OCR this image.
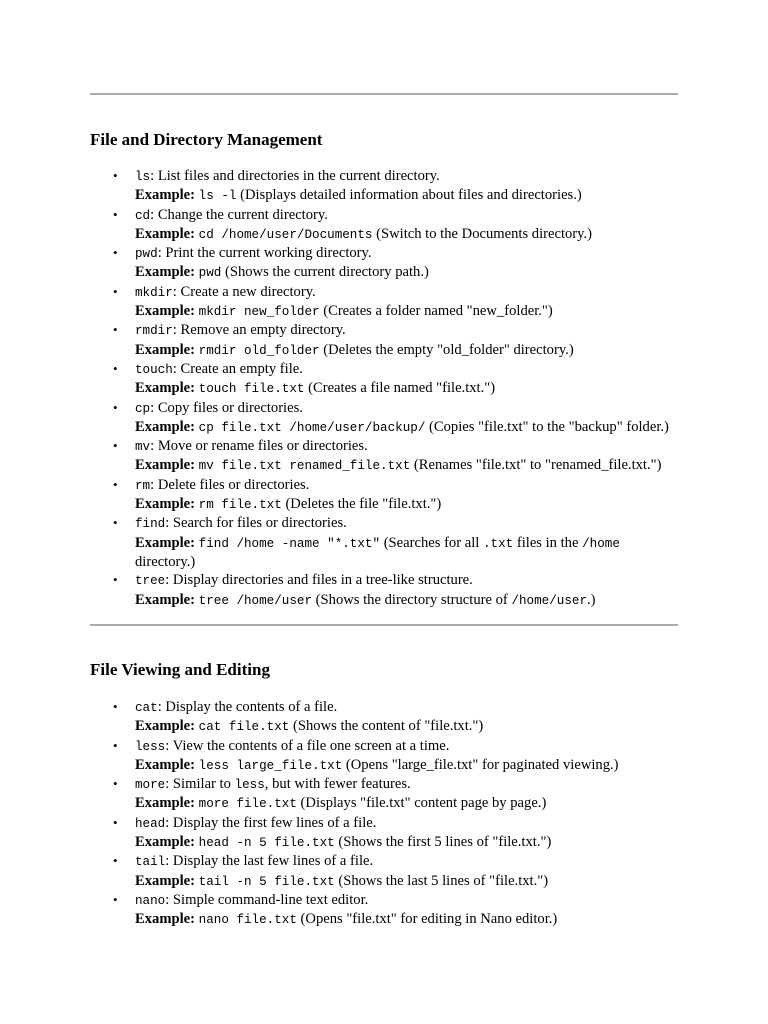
File and Directory Management
• ls: List files and directories in the current directory.
Example: ls -l (Displays detailed information about files and directories.)
• cd: Change the current directory.
Example: cd /home/user/Documents (Switch to the Documents directory.)
• pwd: Print the current working directory.
Example: pwd (Shows the current directory path.)
• mkdir: Create a new directory.
Example: mkdir new_folder (Creates a folder named "new_folder.")
• rmdir: Remove an empty directory.
Example: rmdir old_folder (Deletes the empty "old_folder" directory.)
• touch: Create an empty file.
Example: touch file.txt (Creates a file named "file.txt.")
• cp: Copy files or directories.
Example: cp file.txt /home/user/backup/ (Copies "file.txt" to the "backup" folder.)
• mv: Move or rename files or directories.
Example: mv file.txt renamed_file.txt (Renames "file.txt" to "renamed_file.txt.")
• rm: Delete files or directories.
Example: rm file.txt (Deletes the file "file.txt.")
• find: Search for files or directories.
Example: find /home -name "*.txt" (Searches for all .txt files in the /home directory.)
• tree: Display directories and files in a tree-like structure.
Example: tree /home/user (Shows the directory structure of /home/user.)
File Viewing and Editing
• cat: Display the contents of a file.
Example: cat file.txt (Shows the content of "file.txt.")
• less: View the contents of a file one screen at a time.
Example: less large_file.txt (Opens "large_file.txt" for paginated viewing.)
• more: Similar to less, but with fewer features.
Example: more file.txt (Displays "file.txt" content page by page.)
• head: Display the first few lines of a file.
Example: head -n 5 file.txt (Shows the first 5 lines of "file.txt.")
• tail: Display the last few lines of a file.
Example: tail -n 5 file.txt (Shows the last 5 lines of "file.txt.")
• nano: Simple command-line text editor.
Example: nano file.txt (Opens "file.txt" for editing in Nano editor.)
